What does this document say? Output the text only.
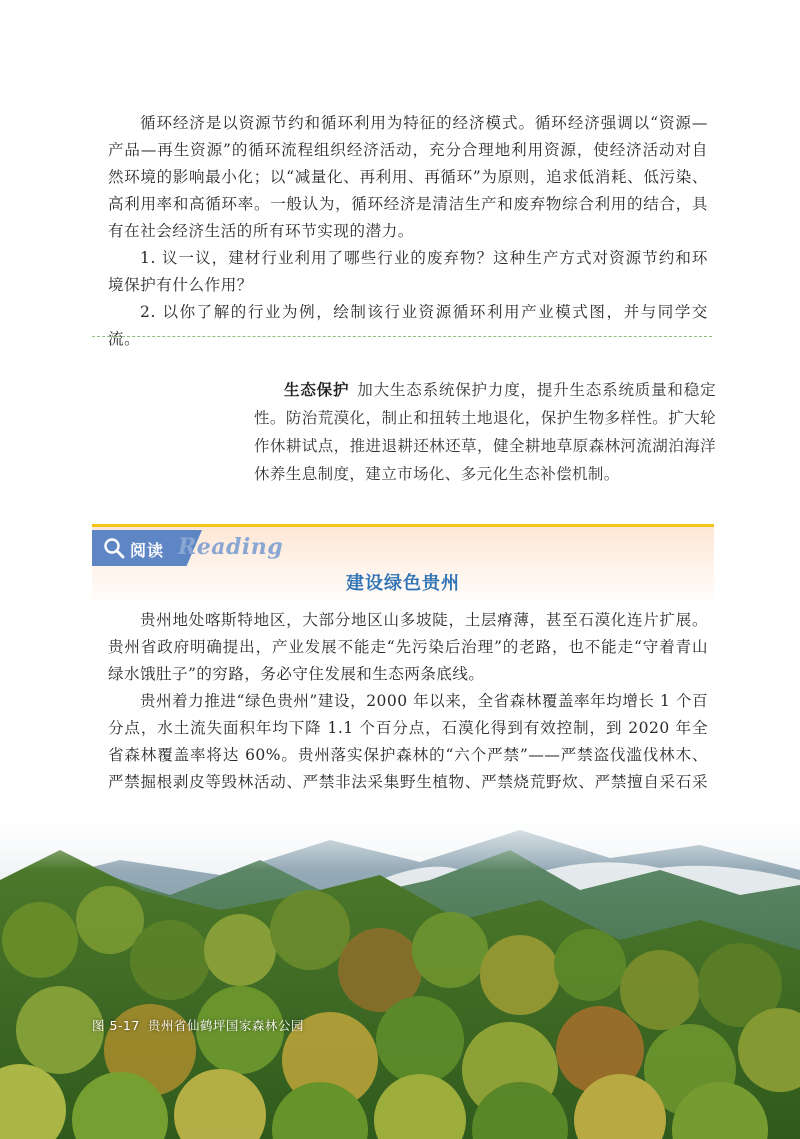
循环经济是以资源节约和循环利用为特征的经济模式。循环经济强调以“资源—产品—再生资源”的循环流程组织经济活动，充分合理地利用资源，使经济活动对自然环境的影响最小化；以“减量化、再利用、再循环”为原则，追求低消耗、低污染、高利用率和高循环率。一般认为，循环经济是清洁生产和废弃物综合利用的结合，具有在社会经济生活的所有环节实现的潜力。

1. 议一议，建材行业利用了哪些行业的废弃物？这种生产方式对资源节约和环境保护有什么作用？

2. 以你了解的行业为例，绘制该行业资源循环利用产业模式图，并与同学交流。

生态保护 加大生态系统保护力度，提升生态系统质量和稳定性。防治荒漠化，制止和扭转土地退化，保护生物多样性。扩大轮作休耕试点，推进退耕还林还草，健全耕地草原森林河流湖泊海洋休养生息制度，建立市场化、多元化生态补偿机制。

阅读 Reading
建设绿色贵州

贵州地处喀斯特地区，大部分地区山多坡陡，土层瘠薄，甚至石漠化连片扩展。贵州省政府明确提出，产业发展不能走“先污染后治理”的老路，也不能走“守着青山绿水饿肚子”的穷路，务必守住发展和生态两条底线。

贵州着力推进“绿色贵州”建设，2000 年以来，全省森林覆盖率年均增长 1 个百分点，水土流失面积年均下降 1.1 个百分点，石漠化得到有效控制，到 2020 年全省森林覆盖率将达 60%。贵州落实保护森林的“六个严禁”——严禁盗伐滥伐林木、严禁掘根剥皮等毁林活动、严禁非法采集野生植物、严禁烧荒野炊、严禁擅自采石采

图 5-17 贵州省仙鹤坪国家森林公园
